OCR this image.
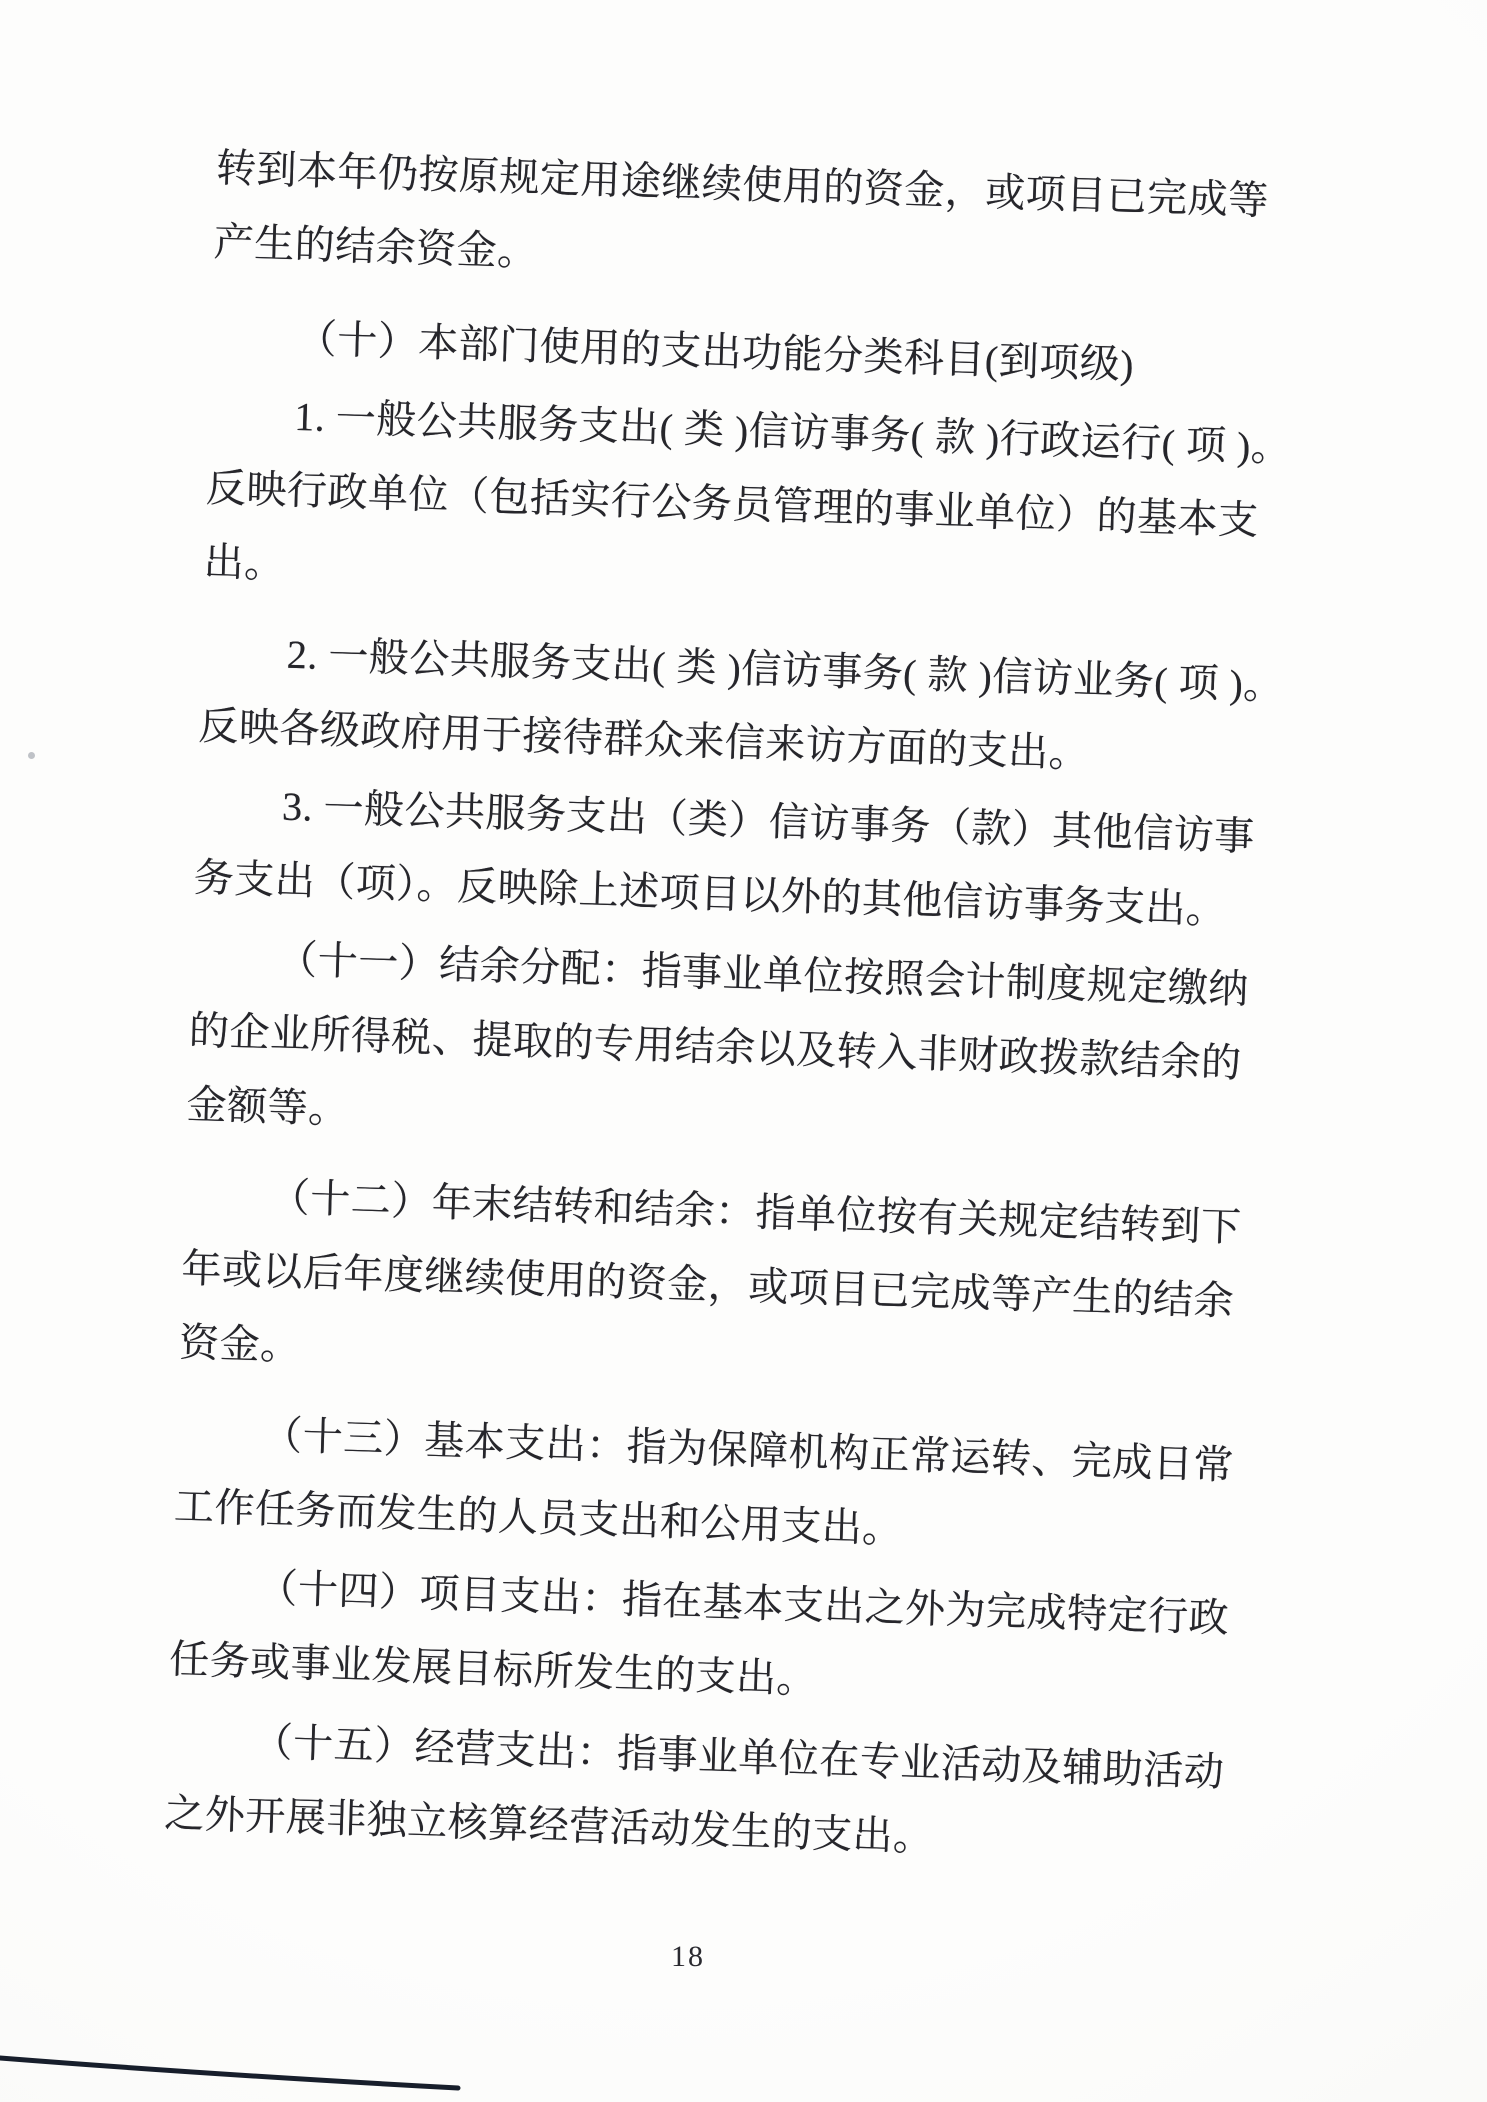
转到本年仍按原规定用途继续使用的资金，或项目已完成等
产生的结余资金。

（十）本部门使用的支出功能分类科目(到项级)

1. 一般公共服务支出( 类 )信访事务( 款 )行政运行( 项 )。
反映行政单位（包括实行公务员管理的事业单位）的基本支
出。

2. 一般公共服务支出( 类 )信访事务( 款 )信访业务( 项 )。
反映各级政府用于接待群众来信来访方面的支出。

3. 一般公共服务支出（类）信访事务（款）其他信访事
务支出（项）。反映除上述项目以外的其他信访事务支出。

（十一）结余分配：指事业单位按照会计制度规定缴纳
的企业所得税、提取的专用结余以及转入非财政拨款结余的
金额等。

（十二）年末结转和结余：指单位按有关规定结转到下
年或以后年度继续使用的资金，或项目已完成等产生的结余
资金。

（十三）基本支出：指为保障机构正常运转、完成日常
工作任务而发生的人员支出和公用支出。

（十四）项目支出：指在基本支出之外为完成特定行政
任务或事业发展目标所发生的支出。

（十五）经营支出：指事业单位在专业活动及辅助活动
之外开展非独立核算经营活动发生的支出。

18
